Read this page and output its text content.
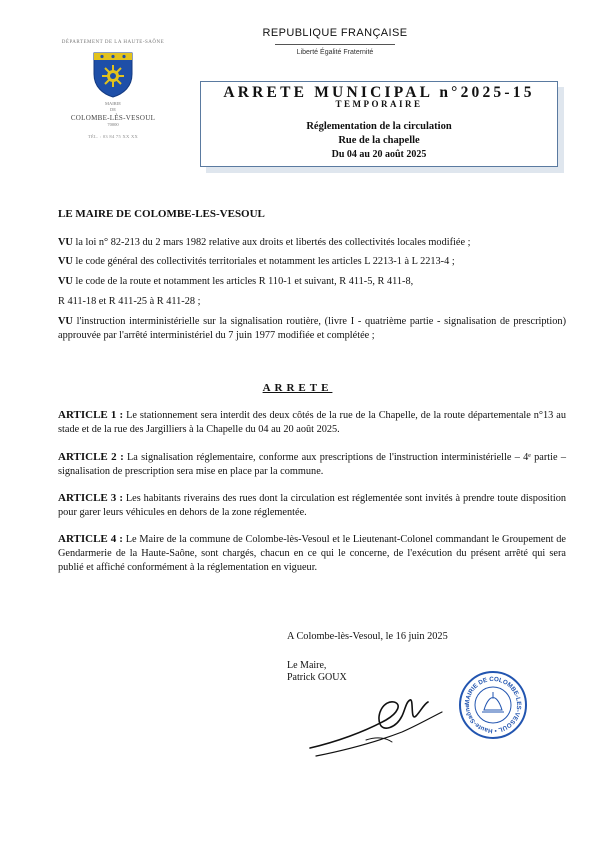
DÉPARTEMENT DE LA HAUTE-SAÔNE
MAIRIE
DE
COLOMBE-LÈS-VESOUL
70000
TÉL. : 03 84 75 XX XX
REPUBLIQUE FRANÇAISE
Liberté Égalité Fraternité
ARRETE MUNICIPAL n°2025-15
TEMPORAIRE
Réglementation de la circulation
Rue de la chapelle
Du 04 au 20 août 2025
LE MAIRE DE COLOMBE-LES-VESOUL
VU la loi n° 82-213 du 2 mars 1982 relative aux droits et libertés des collectivités locales modifiée ;
VU le code général des collectivités territoriales et notamment les articles L 2213-1 à L 2213-4 ;
VU le code de la route et notamment les articles R 110-1 et suivant, R 411-5, R 411-8,
R 411-18 et R 411-25 à R 411-28 ;
VU l'instruction interministérielle sur la signalisation routière, (livre I - quatrième partie - signalisation de prescription) approuvée par l'arrêté interministériel du 7 juin 1977 modifiée et complétée ;
ARRETE
ARTICLE 1 : Le stationnement sera interdit des deux côtés de la rue de la Chapelle, de la route départementale n°13 au stade et de la rue des Jargilliers à la Chapelle du 04 au 20 août 2025.
ARTICLE 2 : La signalisation réglementaire, conforme aux prescriptions de l'instruction interministérielle – 4ᵉ partie – signalisation de prescription sera mise en place par la commune.
ARTICLE 3 : Les habitants riverains des rues dont la circulation est réglementée sont invités à prendre toute disposition pour garer leurs véhicules en dehors de la zone réglementée.
ARTICLE 4 : Le Maire de la commune de Colombe-lès-Vesoul et le Lieutenant-Colonel commandant le Groupement de Gendarmerie de la Haute-Saône, sont chargés, chacun en ce qui le concerne, de l'exécution du présent arrêté qui sera publié et affiché conformément à la réglementation en vigueur.
A Colombe-lès-Vesoul, le 16 juin 2025
Le Maire,
Patrick GOUX
MAIRIE DE COLOMBE-LES-VESOUL • Haute-Saône
